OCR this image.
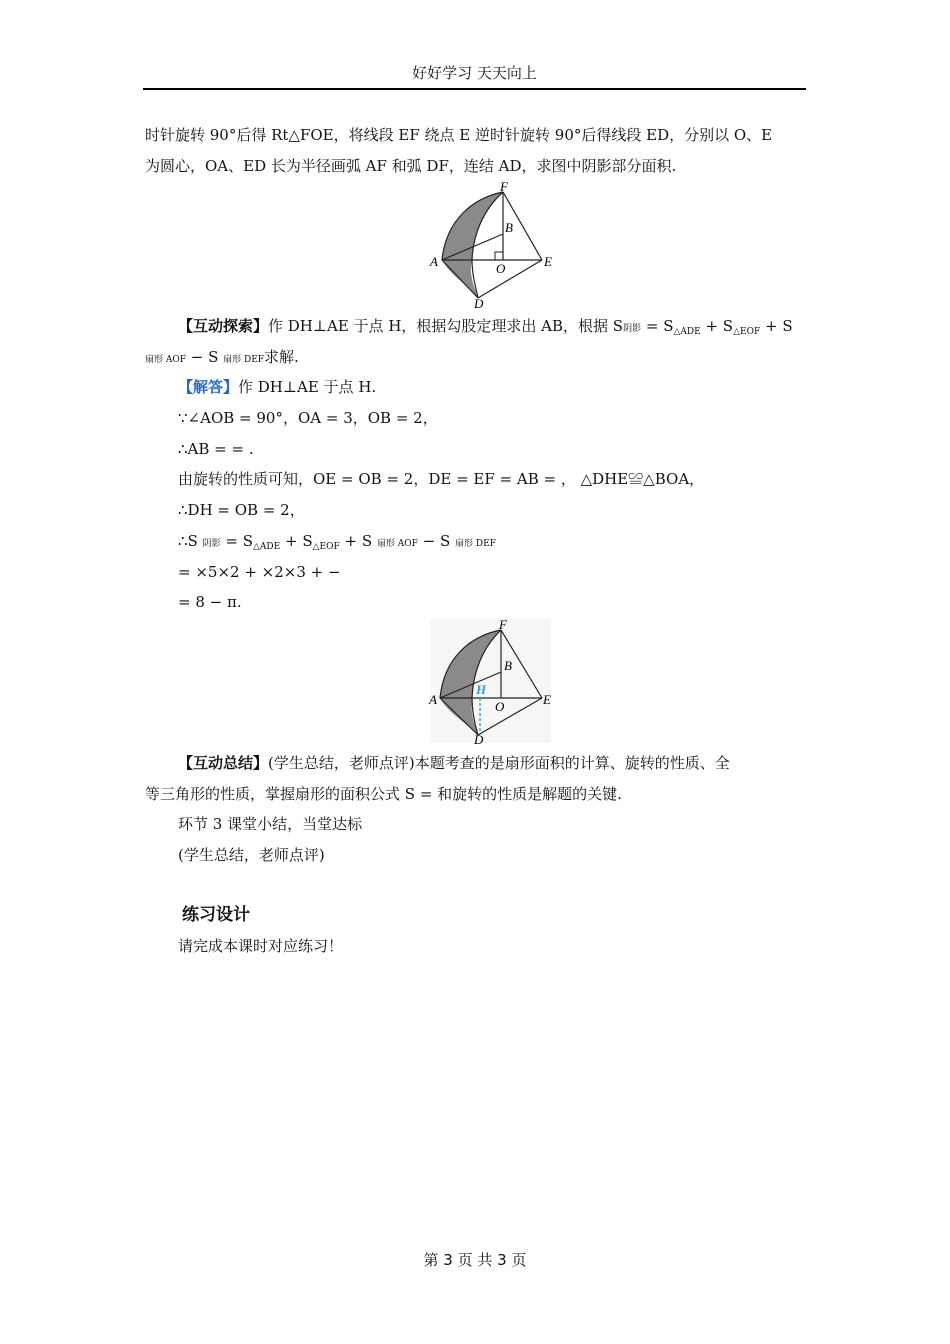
好好学习 天天向上
时针旋转 90°后得 Rt△FOE，将线段 EF 绕点 E 逆时针旋转 90°后得线段 ED，分别以 O、E
为圆心，OA、ED 长为半径画弧 AF 和弧 DF，连结 AD，求图中阴影部分面积.
F
B
A	O	E
D
【互动探索】作 DH⊥AE 于点 H，根据勾股定理求出 AB，根据 S阴影 = $S_{\triangle ADE} + S_{\triangle EOF} + S$
扇形 AOF − S 扇形 DEF求解.
【解答】作 DH⊥AE 于点 H.
∵∠AOB = 90°，OA = 3，OB = 2，
∴AB = = .
由旋转的性质可知，OE = OB = 2，DE = EF = AB = ， △DHE≌△BOA，
∴DH = OB = 2，
∴S 阴影 = $S_{\triangle ADE} + S_{\triangle EOF} + S$ 扇形 AOF − S 扇形 DEF
= ×5×2 + ×2×3 + −
= 8 − π.
F
B
A
H
O	E
D
【互动总结】(学生总结，老师点评)本题考查的是扇形面积的计算、旋转的性质、全
等三角形的性质，掌握扇形的面积公式 S = 和旋转的性质是解题的关键.
环节 3 课堂小结，当堂达标
(学生总结，老师点评)
练习设计
请完成本课时对应练习！
第 3 页 共 3 页
